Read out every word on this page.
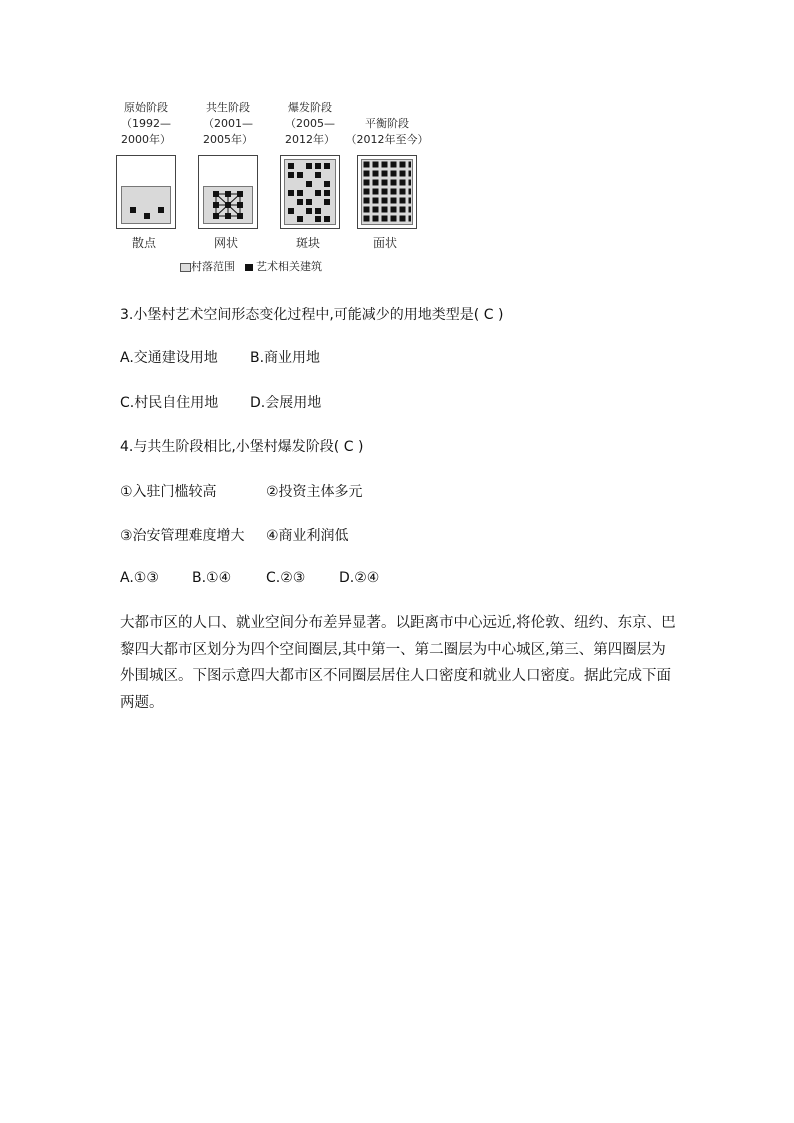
原始阶段
（1992—
2000年）
散点
共生阶段
（2001—
2005年）
网状
爆发阶段
（2005—
2012年）
斑块
平衡阶段
（2012年至今）
面状
村落范围 艺术相关建筑
3.小堡村艺术空间形态变化过程中,可能减少的用地类型是( C )
A.交通建设用地 B.商业用地
C.村民自住用地 D.会展用地
4.与共生阶段相比,小堡村爆发阶段( C )
①入驻门槛较高	②投资主体多元
③治安管理难度增大 ④商业利润低
A.①③ B.①④ C.②③ D.②④
大都市区的人口、就业空间分布差异显著。以距离市中心远近,将伦敦、纽约、东京、巴黎四大都市区划分为四个空间圈层,其中第一、第二圈层为中心城区,第三、第四圈层为外围城区。下图示意四大都市区不同圈层居住人口密度和就业人口密度。据此完成下面两题。
